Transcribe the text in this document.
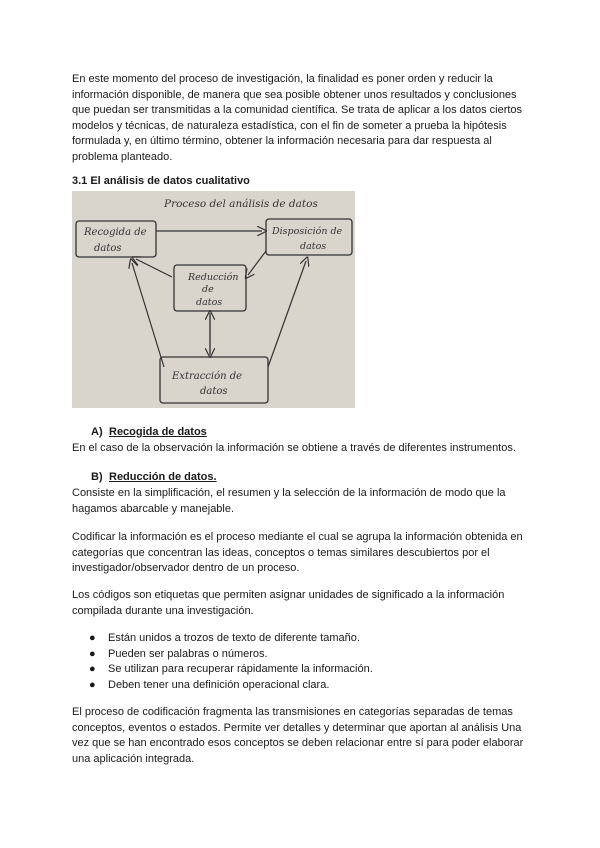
En este momento del proceso de investigación, la finalidad es poner orden y reducir la información disponible, de manera que sea posible obtener unos resultados y conclusiones que puedan ser transmitidas a la comunidad científica. Se trata de aplicar a los datos ciertos modelos y técnicas, de naturaleza estadística, con el fin de someter a prueba la hipótesis formulada y, en último término, obtener la información necesaria para dar respuesta al problema planteado.

3.1 El análisis de datos cualitativo

Proceso del análisis de datos
Recogida de
datos
Disposición de
datos
Reducción
de
datos
Extracción de
datos
A) Recogida de datos

En el caso de la observación la información se obtiene a través de diferentes instrumentos.

B) Reducción de datos.

Consiste en la simplificación, el resumen y la selección de la información de modo que la hagamos abarcable y manejable.

Codificar la información es el proceso mediante el cual se agrupa la información obtenida en categorías que concentran las ideas, conceptos o temas similares descubiertos por el investigador/observador dentro de un proceso.

Los códigos son etiquetas que permiten asignar unidades de significado a la información compilada durante una investigación.

● Están unidos a trozos de texto de diferente tamaño.
● Pueden ser palabras o números.
● Se utilizan para recuperar rápidamente la información.
● Deben tener una definición operacional clara.

El proceso de codificación fragmenta las transmisiones en categorías separadas de temas conceptos, eventos o estados. Permite ver detalles y determinar que aportan al análisis Una vez que se han encontrado esos conceptos se deben relacionar entre sí para poder elaborar una aplicación integrada.
